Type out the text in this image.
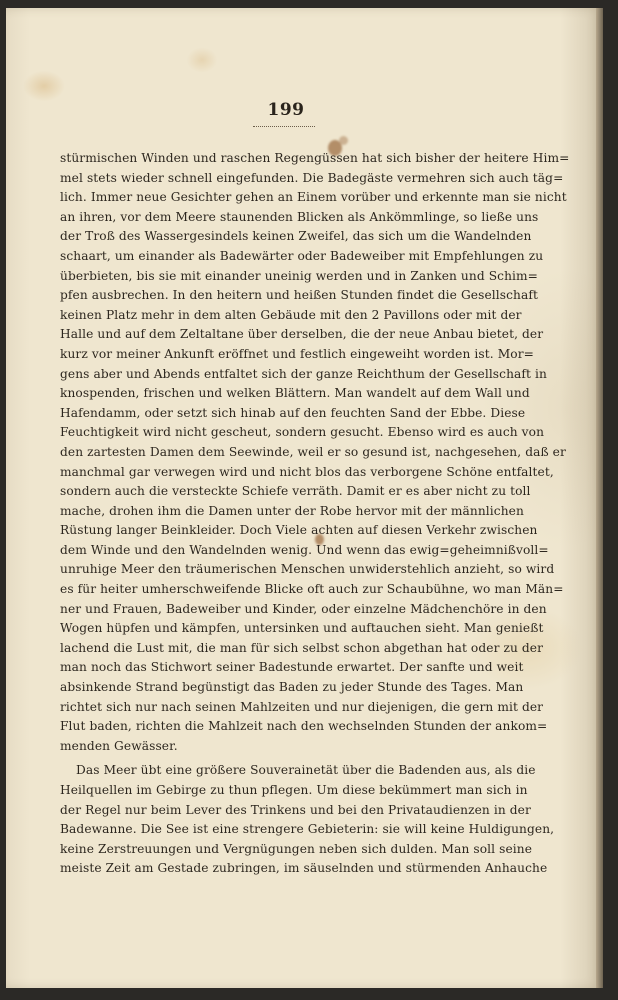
199
stürmischen Winden und raschen Regengüssen hat sich bisher der heitere Him=
mel stets wieder schnell eingefunden. Die Badegäste vermehren sich auch täg=
lich. Immer neue Gesichter gehen an Einem vorüber und erkennte man sie nicht
an ihren, vor dem Meere staunenden Blicken als Ankömmlinge, so ließe uns
der Troß des Wassergesindels keinen Zweifel, das sich um die Wandelnden
schaart, um einander als Badewärter oder Badeweiber mit Empfehlungen zu
überbieten, bis sie mit einander uneinig werden und in Zanken und Schim=
pfen ausbrechen. In den heitern und heißen Stunden findet die Gesellschaft
keinen Platz mehr in dem alten Gebäude mit den 2 Pavillons oder mit der
Halle und auf dem Zeltaltane über derselben, die der neue Anbau bietet, der
kurz vor meiner Ankunft eröffnet und festlich eingeweiht worden ist. Mor=
gens aber und Abends entfaltet sich der ganze Reichthum der Gesellschaft in
knospenden, frischen und welken Blättern. Man wandelt auf dem Wall und
Hafendamm, oder setzt sich hinab auf den feuchten Sand der Ebbe. Diese
Feuchtigkeit wird nicht gescheut, sondern gesucht. Ebenso wird es auch von
den zartesten Damen dem Seewinde, weil er so gesund ist, nachgesehen, daß er
manchmal gar verwegen wird und nicht blos das verborgene Schöne entfaltet,
sondern auch die versteckte Schiefe verräth. Damit er es aber nicht zu toll
mache, drohen ihm die Damen unter der Robe hervor mit der männlichen
Rüstung langer Beinkleider. Doch Viele achten auf diesen Verkehr zwischen
dem Winde und den Wandelnden wenig. Und wenn das ewig=geheimnißvoll=
unruhige Meer den träumerischen Menschen unwiderstehlich anzieht, so wird
es für heiter umherschweifende Blicke oft auch zur Schaubühne, wo man Män=
ner und Frauen, Badeweiber und Kinder, oder einzelne Mädchenchöre in den
Wogen hüpfen und kämpfen, untersinken und auftauchen sieht. Man genießt
lachend die Lust mit, die man für sich selbst schon abgethan hat oder zu der
man noch das Stichwort seiner Badestunde erwartet. Der sanfte und weit
absinkende Strand begünstigt das Baden zu jeder Stunde des Tages. Man
richtet sich nur nach seinen Mahlzeiten und nur diejenigen, die gern mit der
Flut baden, richten die Mahlzeit nach den wechselnden Stunden der ankom=
menden Gewässer.
Das Meer übt eine größere Souverainetät über die Badenden aus, als die
Heilquellen im Gebirge zu thun pflegen. Um diese bekümmert man sich in
der Regel nur beim Lever des Trinkens und bei den Privataudienzen in der
Badewanne. Die See ist eine strengere Gebieterin: sie will keine Huldigungen,
keine Zerstreuungen und Vergnügungen neben sich dulden. Man soll seine
meiste Zeit am Gestade zubringen, im säuselnden und stürmenden Anhauche
